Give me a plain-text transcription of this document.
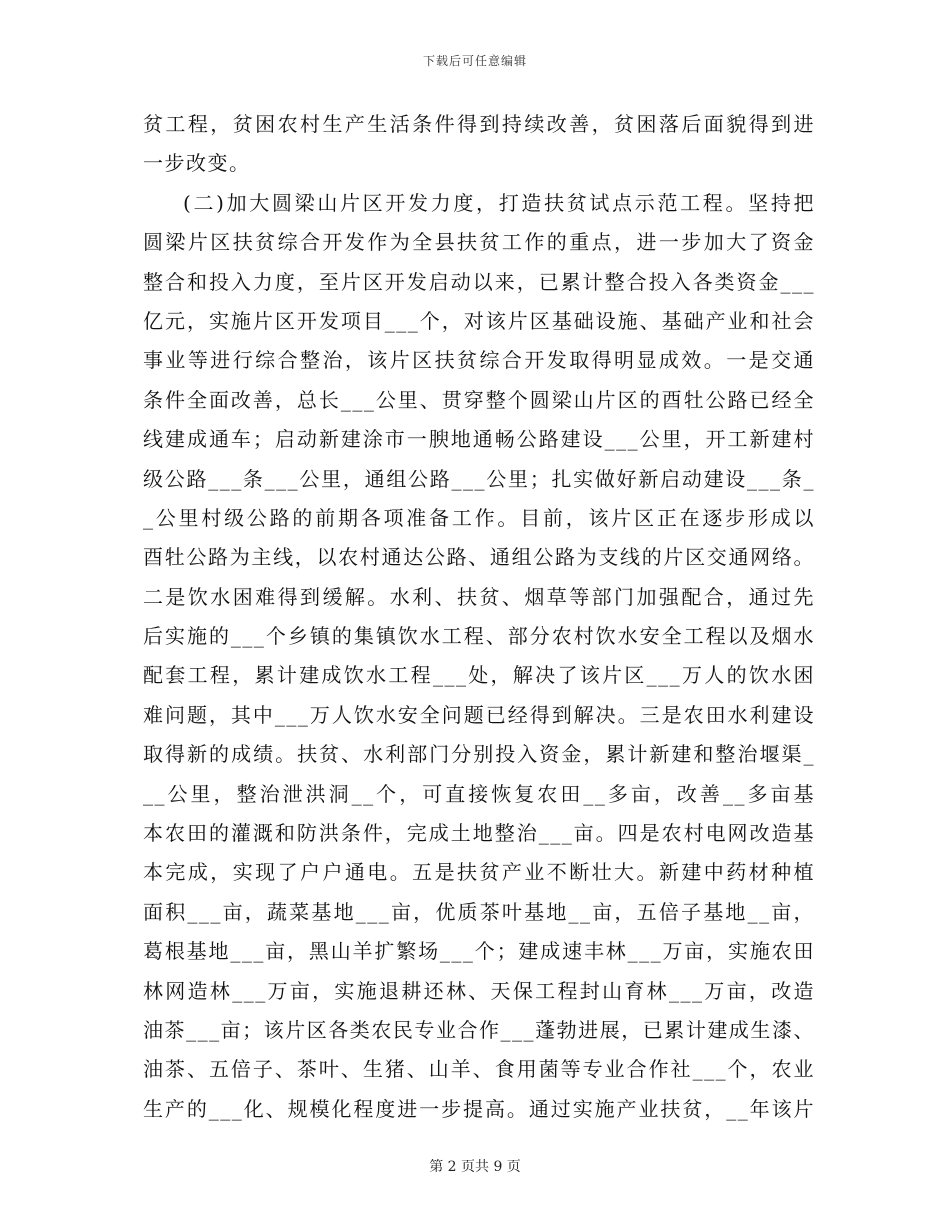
下载后可任意编辑
贫工程，贫困农村生产生活条件得到持续改善，贫困落后面貌得到进
一步改变。
(二)加大圆梁山片区开发力度，打造扶贫试点示范工程。坚持把
圆梁片区扶贫综合开发作为全县扶贫工作的重点，进一步加大了资金
整合和投入力度，至片区开发启动以来，已累计整合投入各类资金___
亿元，实施片区开发项目___个，对该片区基础设施、基础产业和社会
事业等进行综合整治，该片区扶贫综合开发取得明显成效。一是交通
条件全面改善，总长___公里、贯穿整个圆梁山片区的酉牡公路已经全
线建成通车；启动新建涂市一腴地通畅公路建设___公里，开工新建村
级公路___条___公里，通组公路___公里；扎实做好新启动建设___条_
_公里村级公路的前期各项准备工作。目前，该片区正在逐步形成以
酉牡公路为主线，以农村通达公路、通组公路为支线的片区交通网络。
二是饮水困难得到缓解。水利、扶贫、烟草等部门加强配合，通过先
后实施的___个乡镇的集镇饮水工程、部分农村饮水安全工程以及烟水
配套工程，累计建成饮水工程___处，解决了该片区___万人的饮水困
难问题，其中___万人饮水安全问题已经得到解决。三是农田水利建设
取得新的成绩。扶贫、水利部门分别投入资金，累计新建和整治堰渠_
__公里，整治泄洪洞__个，可直接恢复农田__多亩，改善__多亩基
本农田的灌溉和防洪条件，完成土地整治___亩。四是农村电网改造基
本完成，实现了户户通电。五是扶贫产业不断壮大。新建中药材种植
面积___亩，蔬菜基地___亩，优质茶叶基地__亩，五倍子基地__亩，
葛根基地___亩，黑山羊扩繁场___个；建成速丰林___万亩，实施农田
林网造林___万亩，实施退耕还林、天保工程封山育林___万亩，改造
油茶___亩；该片区各类农民专业合作___蓬勃进展，已累计建成生漆、
油茶、五倍子、茶叶、生猪、山羊、食用菌等专业合作社___个，农业
生产的___化、规模化程度进一步提高。通过实施产业扶贫，__年该片
第 2 页共 9 页
